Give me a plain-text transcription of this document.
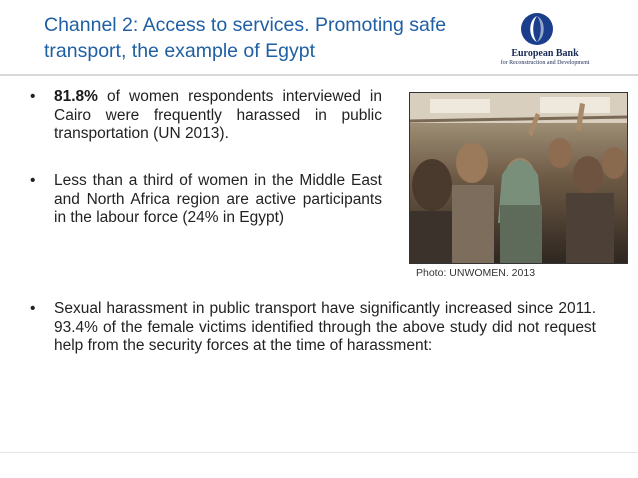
Channel 2: Access to services. Promoting safe
transport, the example of Egypt	European Bank
for Reconstruction and Development
•	81.8% of women respondents interviewed in Cairo were frequently harassed in public transportation (UN 2013).
•	Less than a third of women in the Middle East and North Africa region are active participants in the labour force (24% in Egypt)
Photo: UNWOMEN. 2013
•	Sexual harassment in public transport have significantly increased since 2011. 93.4% of the female victims identified through the above study did not request help from the security forces at the time of harassment:
